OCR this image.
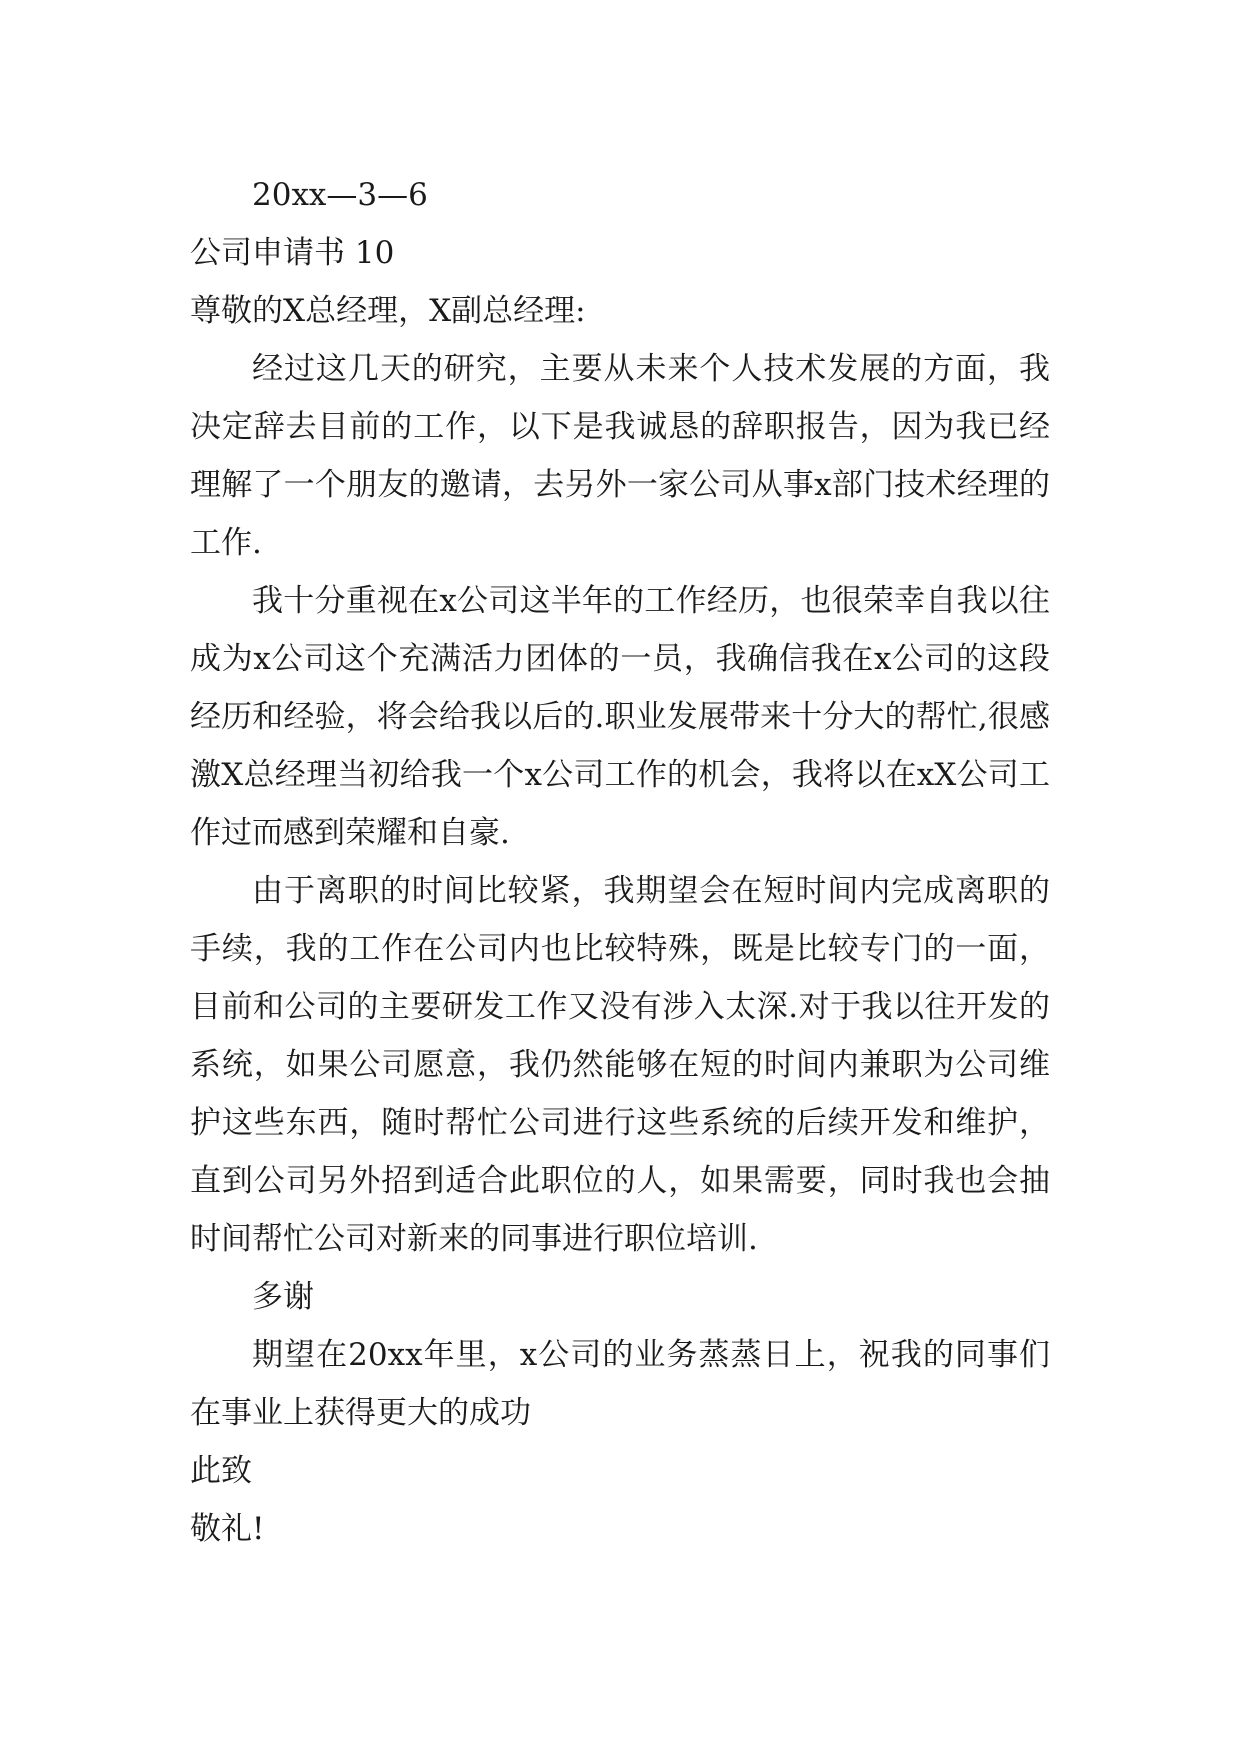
20xx—3—6
公司申请书 10
尊敬的X总经理，X副总经理:

经过这几天的研究，主要从未来个人技术发展的方面，我决定辞去目前的工作，以下是我诚恳的辞职报告，因为我已经理解了一个朋友的邀请，去另外一家公司从事x部门技术经理的工作.

我十分重视在x公司这半年的工作经历，也很荣幸自我以往成为x公司这个充满活力团体的一员，我确信我在x公司的这段经历和经验，将会给我以后的.职业发展带来十分大的帮忙,很感激X总经理当初给我一个x公司工作的机会，我将以在xX公司工作过而感到荣耀和自豪.

由于离职的时间比较紧，我期望会在短时间内完成离职的手续，我的工作在公司内也比较特殊，既是比较专门的一面，目前和公司的主要研发工作又没有涉入太深.对于我以往开发的系统，如果公司愿意，我仍然能够在短的时间内兼职为公司维护这些东西，随时帮忙公司进行这些系统的后续开发和维护，直到公司另外招到适合此职位的人，如果需要，同时我也会抽时间帮忙公司对新来的同事进行职位培训.

多谢

期望在20xx年里，x公司的业务蒸蒸日上，祝我的同事们在事业上获得更大的成功

此致
敬礼!
